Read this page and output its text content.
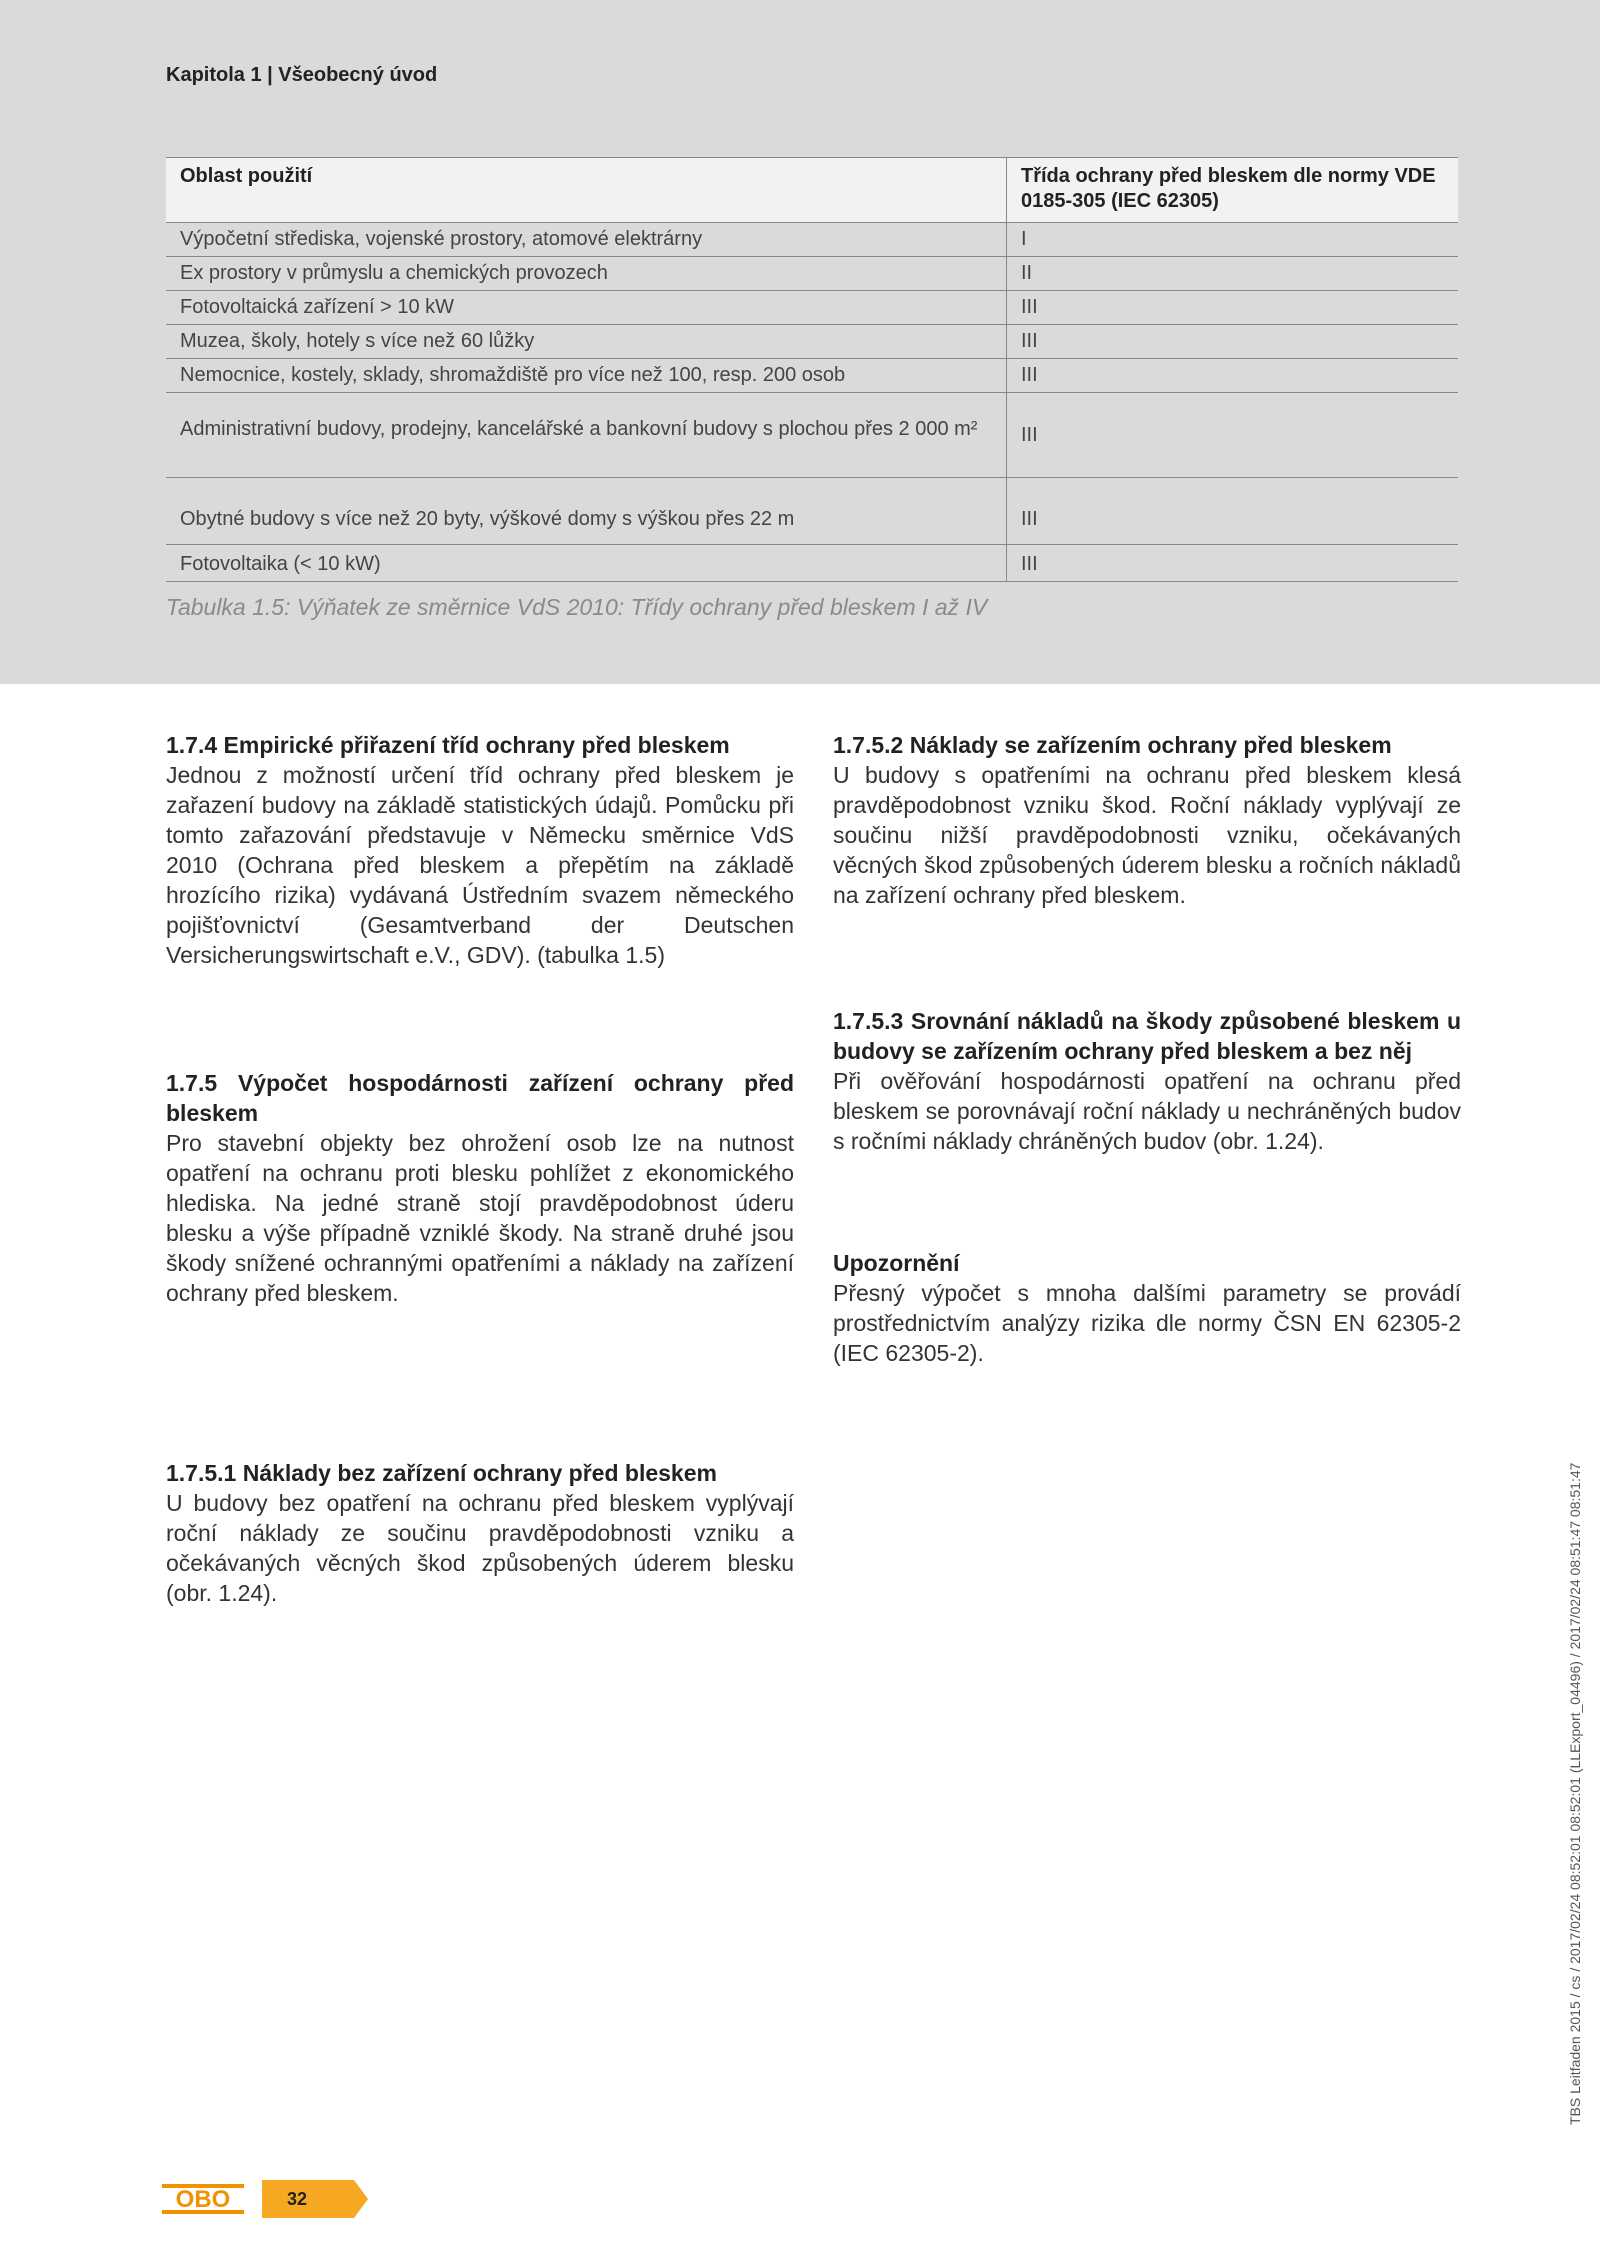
Kapitola 1 | Všeobecný úvod
Oblast použití	Třída ochrany před bleskem dle normy VDE 0185-305 (IEC 62305)
Výpočetní střediska, vojenské prostory, atomové elektrárny	I
Ex prostory v průmyslu a chemických provozech	II
Fotovoltaická zařízení > 10 kW	III
Muzea, školy, hotely s více než 60 lůžky	III
Nemocnice, kostely, sklady, shromaždiště pro více než 100, resp. 200 osob	III

Administrativní budovy, prodejny, kancelářské a bankovní budovy s plochou přes 2 000 m²	III
Obytné budovy s více než 20 byty, výškové domy s výškou přes 22 m	III
Fotovoltaika (< 10 kW)	III
Tabulka 1.5: Výňatek ze směrnice VdS 2010: Třídy ochrany před bleskem I až IV
1.7.4 Empirické přiřazení tříd ochrany před bleskem

Jednou z možností určení tříd ochrany před bleskem je zařazení budovy na základě statistických údajů. Pomůcku při tomto zařazování představuje v Německu směrnice VdS 2010 (Ochrana před bleskem a přepětím na základě hrozícího rizika) vydávaná Ústředním svazem německého pojišťovnictví (Gesamtverband der Deutschen Versicherungswirtschaft e.V., GDV). (tabulka 1.5)

1.7.5 Výpočet hospodárnosti zařízení ochrany před bleskem

Pro stavební objekty bez ohrožení osob lze na nutnost opatření na ochranu proti blesku pohlížet z ekonomického hlediska. Na jedné straně stojí pravděpodobnost úderu blesku a výše případně vzniklé škody. Na straně druhé jsou škody snížené ochrannými opatřeními a náklady na zařízení ochrany před bleskem.

1.7.5.1 Náklady bez zařízení ochrany před bleskem

U budovy bez opatření na ochranu před bleskem vyplývají roční náklady ze součinu pravděpodobnosti vzniku a očekávaných věcných škod způsobených úderem blesku (obr. 1.24).

1.7.5.2 Náklady se zařízením ochrany před bleskem

U budovy s opatřeními na ochranu před bleskem klesá pravděpodobnost vzniku škod. Roční náklady vyplývají ze součinu nižší pravděpodobnosti vzniku, očekávaných věcných škod způsobených úderem blesku a ročních nákladů na zařízení ochrany před bleskem.

1.7.5.3 Srovnání nákladů na škody způsobené bleskem u budovy se zařízením ochrany před bleskem a bez něj

Při ověřování hospodárnosti opatření na ochranu před bleskem se porovnávají roční náklady u nechráněných budov s ročními náklady chráněných budov (obr. 1.24).

Upozornění

Přesný výpočet s mnoha dalšími parametry se provádí prostřednictvím analýzy rizika dle normy ČSN EN 62305-2 (IEC 62305-2).

TBS Leitfaden 2015 / cs / 2017/02/24 08:52:01 08:52:01 (LLExport_04496) / 2017/02/24 08:51:47 08:51:47
OBO	32
